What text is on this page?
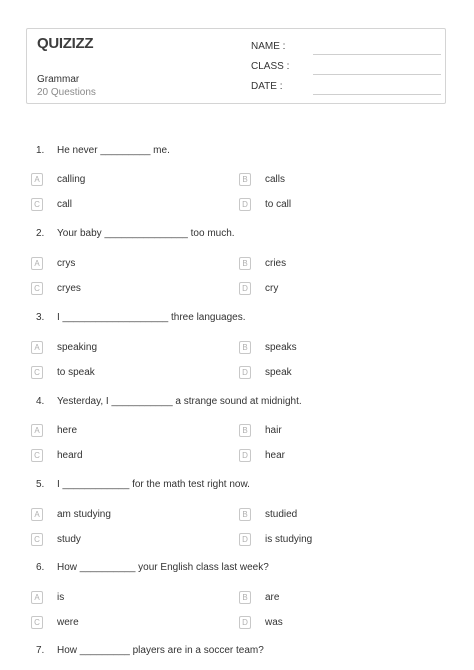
QUIZIZZ
Grammar
20 Questions
NAME :
CLASS :
DATE :
1. He never _________ me.
A	calling	B	calls
C	call	D	to call
2. Your baby _______________ too much.
A	crys	B	cries
C	cryes	D	cry
3. I ___________________ three languages.
A	speaking	B	speaks
C	to speak	D	speak
4. Yesterday, I ___________ a strange sound at midnight.
A	here	B	hair
C	heard	D	hear
5. I ____________ for the math test right now.
A	am studying	B	studied
C	study	D	is studying
6. How __________ your English class last week?
A	is	B	are
C	were	D	was
7. How _________ players are in a soccer team?
